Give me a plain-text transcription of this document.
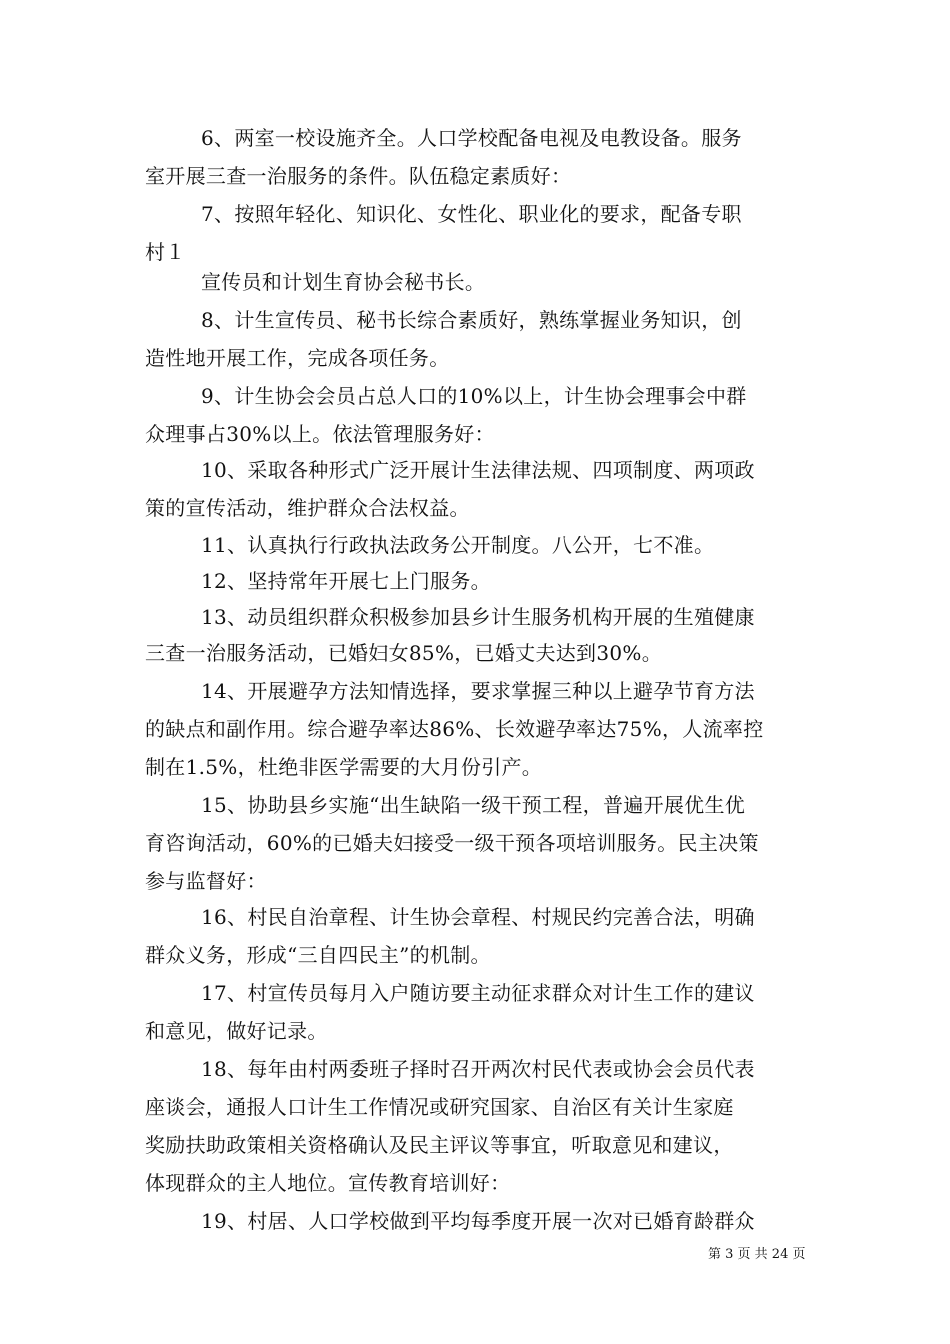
6、两室一校设施齐全。人口学校配备电视及电教设备。服务
室开展三查一治服务的条件。队伍稳定素质好：
7、按照年轻化、知识化、女性化、职业化的要求，配备专职
村１
宣传员和计划生育协会秘书长。
8、计生宣传员、秘书长综合素质好，熟练掌握业务知识，创
造性地开展工作，完成各项任务。
9、计生协会会员占总人口的10%以上，计生协会理事会中群
众理事占30%以上。依法管理服务好：
10、采取各种形式广泛开展计生法律法规、四项制度、两项政
策的宣传活动，维护群众合法权益。
11、认真执行行政执法政务公开制度。八公开，七不准。
12、坚持常年开展七上门服务。
13、动员组织群众积极参加县乡计生服务机构开展的生殖健康
三查一治服务活动，已婚妇女85%，已婚丈夫达到30%。
14、开展避孕方法知情选择，要求掌握三种以上避孕节育方法
的缺点和副作用。综合避孕率达86%、长效避孕率达75%，人流率控
制在1.5%，杜绝非医学需要的大月份引产。
15、协助县乡实施“出生缺陷一级干预工程，普遍开展优生优
育咨询活动，60%的已婚夫妇接受一级干预各项培训服务。民主决策
参与监督好：
16、村民自治章程、计生协会章程、村规民约完善合法，明确
群众义务，形成“三自四民主”的机制。
17、村宣传员每月入户随访要主动征求群众对计生工作的建议
和意见，做好记录。
18、每年由村两委班子择时召开两次村民代表或协会会员代表
座谈会，通报人口计生工作情况或研究国家、自治区有关计生家庭
奖励扶助政策相关资格确认及民主评议等事宜，听取意见和建议，
体现群众的主人地位。宣传教育培训好：
19、村居、人口学校做到平均每季度开展一次对已婚育龄群众
第 3 页 共 24 页
